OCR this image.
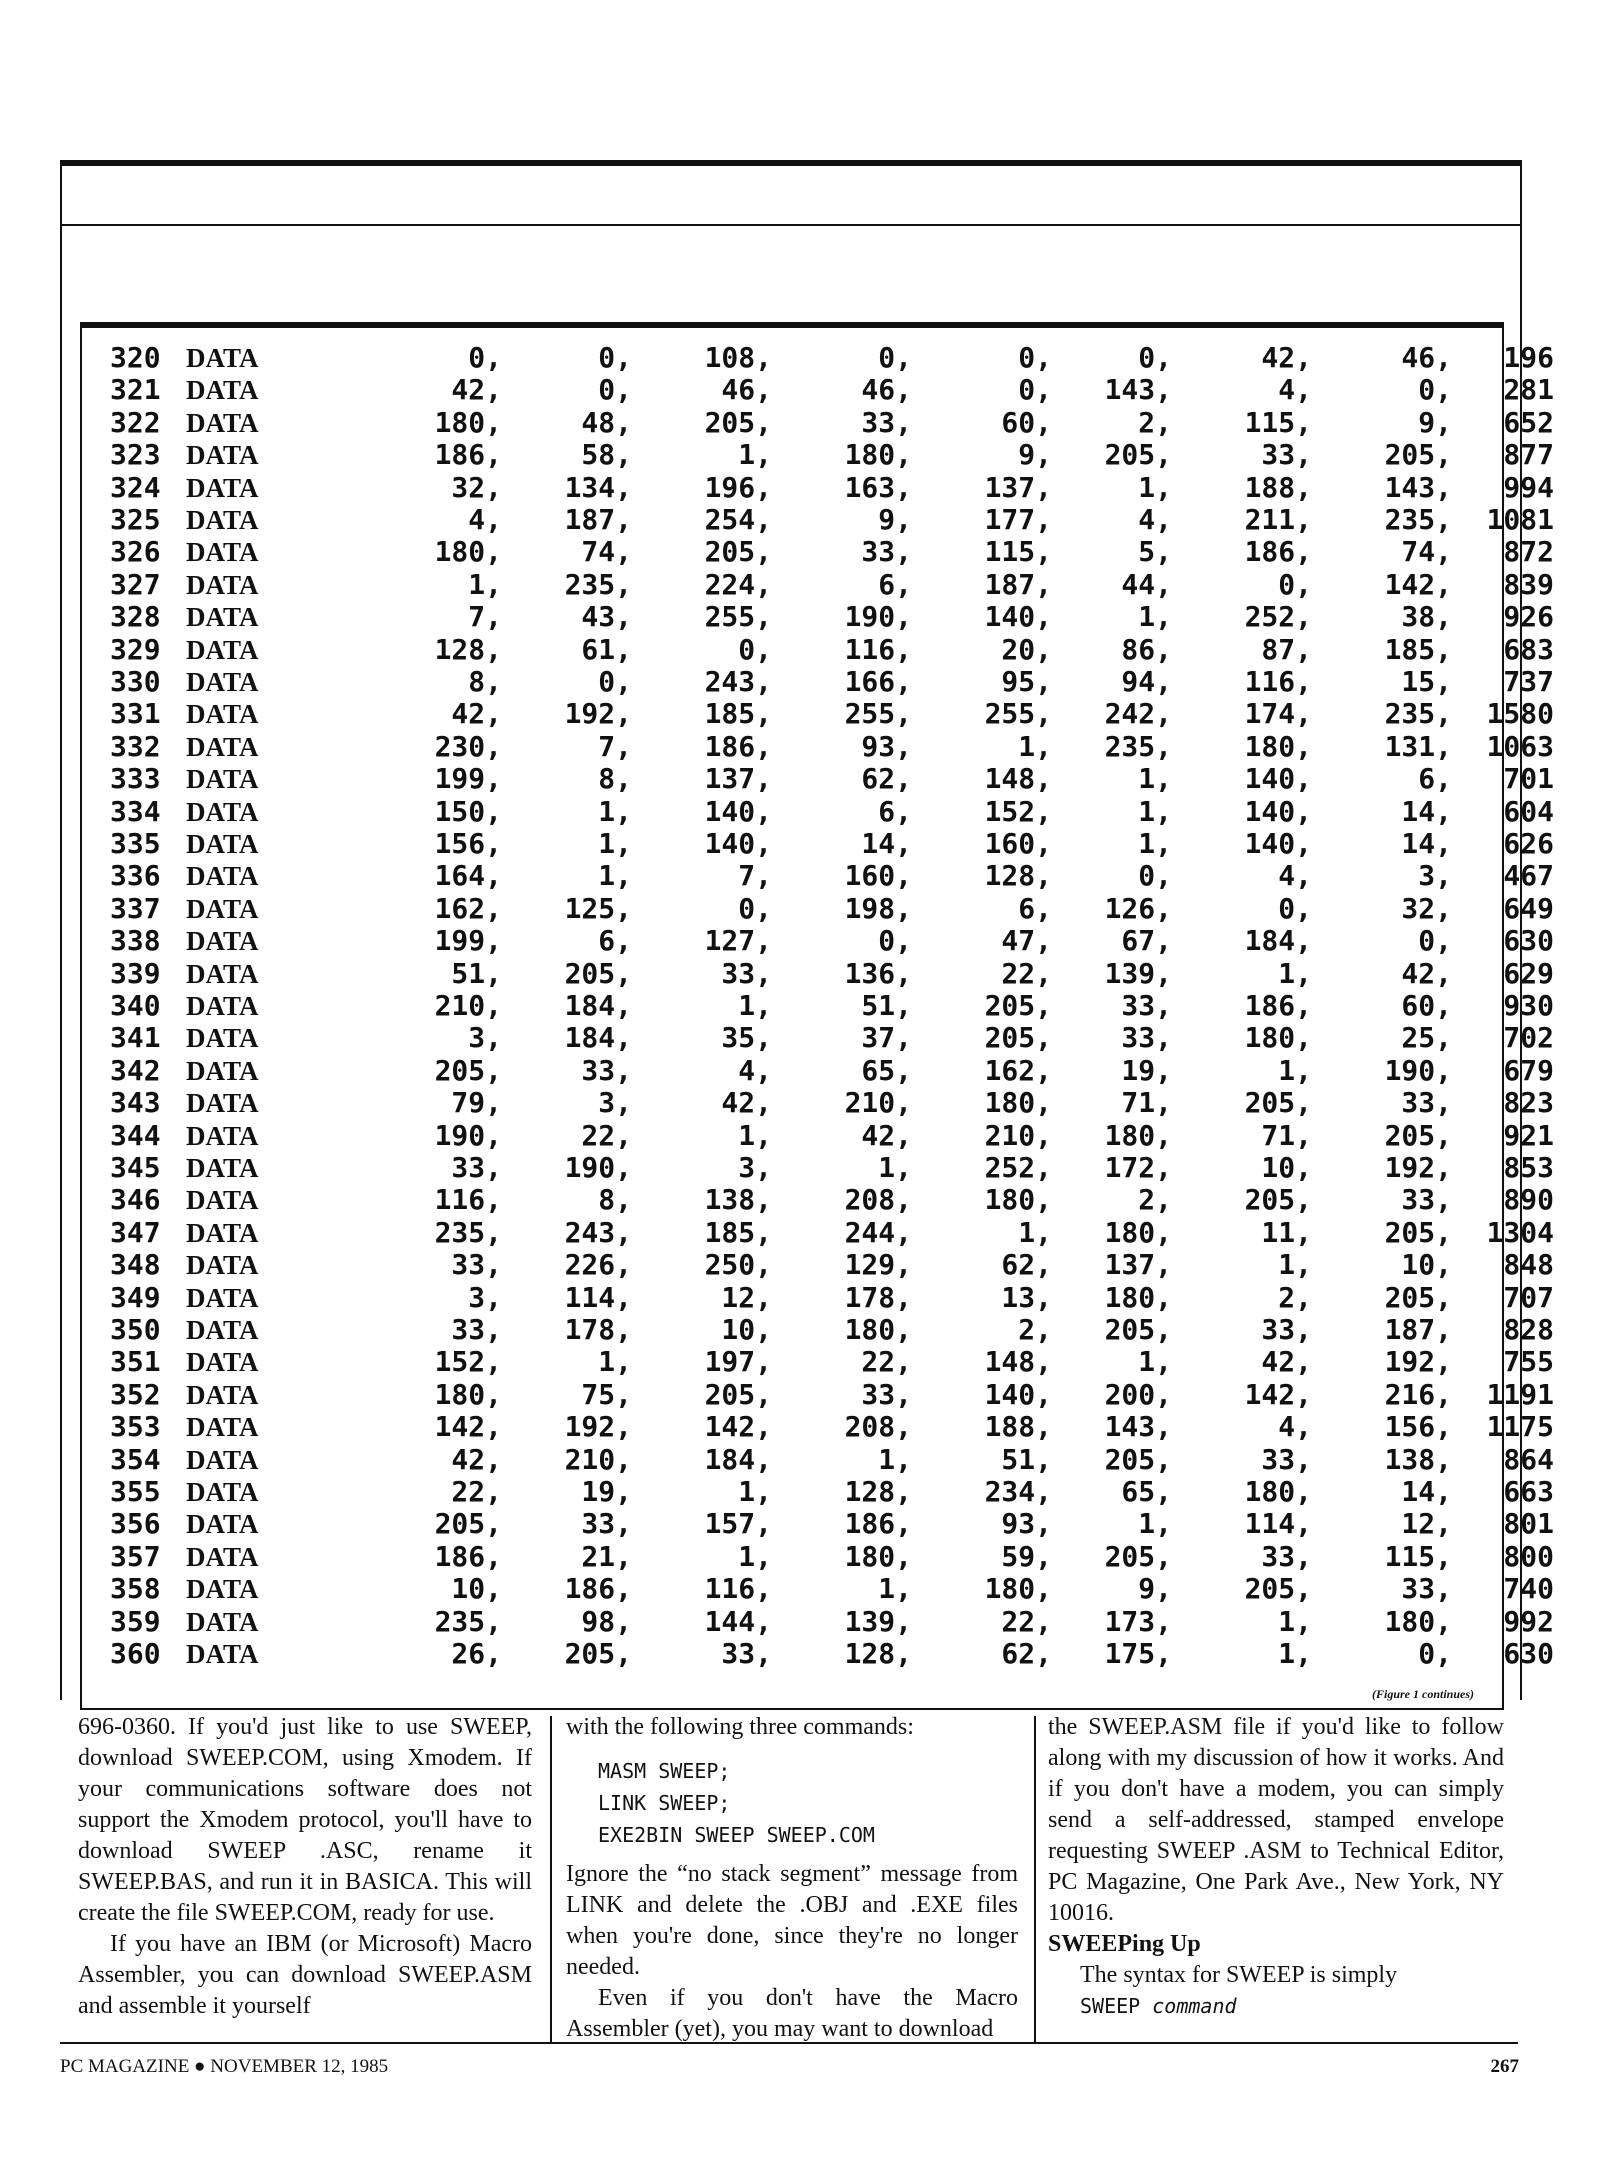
(Figure 1 continues)
320 DATA	0,	0,	108,	0,	0,	0,	42,	46,	196
321 DATA	42,	0,	46,	46,	0,	143,	4,	0,	281
322 DATA	180,	48,	205,	33,	60,	2,	115,	9,	652
323 DATA	186,	58,	1,	180,	9,	205,	33,	205,	877
324 DATA	32,	134,	196,	163,	137,	1,	188,	143,	994
325 DATA	4,	187,	254,	9,	177,	4,	211,	235,	1081
326 DATA	180,	74,	205,	33,	115,	5,	186,	74,	872
327 DATA	1,	235,	224,	6,	187,	44,	0,	142,	839
328 DATA	7,	43,	255,	190,	140,	1,	252,	38,	926
329 DATA	128,	61,	0,	116,	20,	86,	87,	185,	683
330 DATA	8,	0,	243,	166,	95,	94,	116,	15,	737
331 DATA	42,	192,	185,	255,	255,	242,	174,	235,	1580
332 DATA	230,	7,	186,	93,	1,	235,	180,	131,	1063
333 DATA	199,	8,	137,	62,	148,	1,	140,	6,	701
334 DATA	150,	1,	140,	6,	152,	1,	140,	14,	604
335 DATA	156,	1,	140,	14,	160,	1,	140,	14,	626
336 DATA	164,	1,	7,	160,	128,	0,	4,	3,	467
337 DATA	162,	125,	0,	198,	6,	126,	0,	32,	649
338 DATA	199,	6,	127,	0,	47,	67,	184,	0,	630
339 DATA	51,	205,	33,	136,	22,	139,	1,	42,	629
340 DATA	210,	184,	1,	51,	205,	33,	186,	60,	930
341 DATA	3,	184,	35,	37,	205,	33,	180,	25,	702
342 DATA	205,	33,	4,	65,	162,	19,	1,	190,	679
343 DATA	79,	3,	42,	210,	180,	71,	205,	33,	823
344 DATA	190,	22,	1,	42,	210,	180,	71,	205,	921
345 DATA	33,	190,	3,	1,	252,	172,	10,	192,	853
346 DATA	116,	8,	138,	208,	180,	2,	205,	33,	890
347 DATA	235,	243,	185,	244,	1,	180,	11,	205,	1304
348 DATA	33,	226,	250,	129,	62,	137,	1,	10,	848
349 DATA	3,	114,	12,	178,	13,	180,	2,	205,	707
350 DATA	33,	178,	10,	180,	2,	205,	33,	187,	828
351 DATA	152,	1,	197,	22,	148,	1,	42,	192,	755
352 DATA	180,	75,	205,	33,	140,	200,	142,	216,	1191
353 DATA	142,	192,	142,	208,	188,	143,	4,	156,	1175
354 DATA	42,	210,	184,	1,	51,	205,	33,	138,	864
355 DATA	22,	19,	1,	128,	234,	65,	180,	14,	663
356 DATA	205,	33,	157,	186,	93,	1,	114,	12,	801
357 DATA	186,	21,	1,	180,	59,	205,	33,	115,	800
358 DATA	10,	186,	116,	1,	180,	9,	205,	33,	740
359 DATA	235,	98,	144,	139,	22,	173,	1,	180,	992
360 DATA	26,	205,	33,	128,	62,	175,	1,	0,	630

696-0360. If you'd just like to use SWEEP, download SWEEP.COM, using Xmodem. If your communications software does not support the Xmodem protocol, you'll have to download SWEEP .ASC, rename it SWEEP.BAS, and run it in BASICA. This will create the file SWEEP.COM, ready for use.

If you have an IBM (or Microsoft) Macro Assembler, you can download SWEEP.ASM and assemble it yourself

with the following three commands:

MASM SWEEP;
LINK SWEEP;
EXE2BIN SWEEP SWEEP.COM

Ignore the “no stack segment” message from LINK and delete the .OBJ and .EXE files when you're done, since they're no longer needed.

Even if you don't have the Macro Assembler (yet), you may want to download

the SWEEP.ASM file if you'd like to follow along with my discussion of how it works. And if you don't have a modem, you can simply send a self-addressed, stamped envelope requesting SWEEP .ASM to Technical Editor, PC Magazine, One Park Ave., New York, NY 10016.

SWEEPing Up

The syntax for SWEEP is simply

SWEEP command
PC MAGAZINE ● NOVEMBER 12, 1985	267
